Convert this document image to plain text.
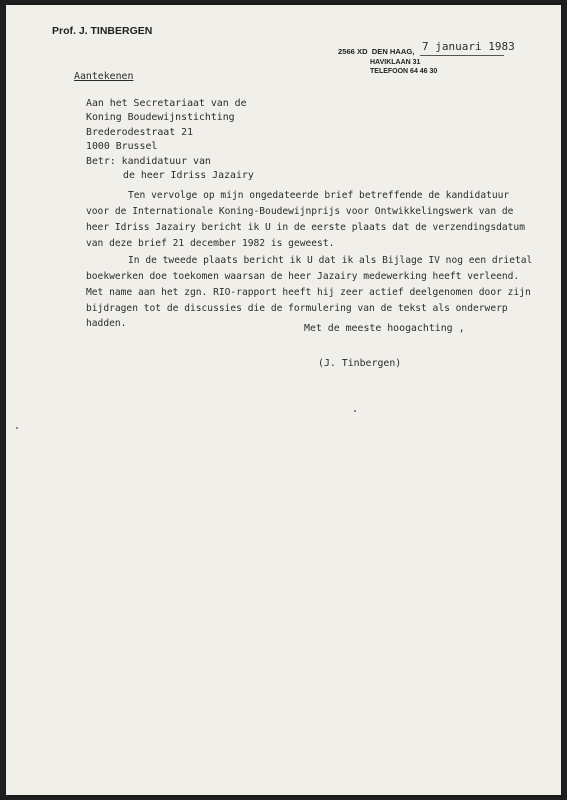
Prof. J. TINBERGEN
2566 XD  DEN HAAG,
HAVIKLAAN 31
TELEFOON 64 46 30
7 januari 1983
Aantekenen
Aan het Secretariaat van de
Koning Boudewijnstichting
Brederodestraat 21
1000 Brussel
Betr: kandidatuur van
de heer Idriss Jazairy
Ten vervolge op mijn ongedateerde brief betreffende de kandidatuur
voor de Internationale Koning-Boudewijnprijs voor Ontwikkelingswerk van de
heer Idriss Jazairy bericht ik U in de eerste plaats dat de verzendingsdatum
van deze brief 21 december 1982 is geweest.
In de tweede plaats bericht ik U dat ik als Bijlage IV nog een drietal
boekwerken doe toekomen waarsan de heer Jazairy medewerking heeft verleend.
Met name aan het zgn. RIO-rapport heeft hij zeer actief deelgenomen door zijn
bijdragen tot de discussies die de formulering van de tekst als onderwerp
hadden.	Met de meeste hoogachting ,
(J. Tinbergen)
